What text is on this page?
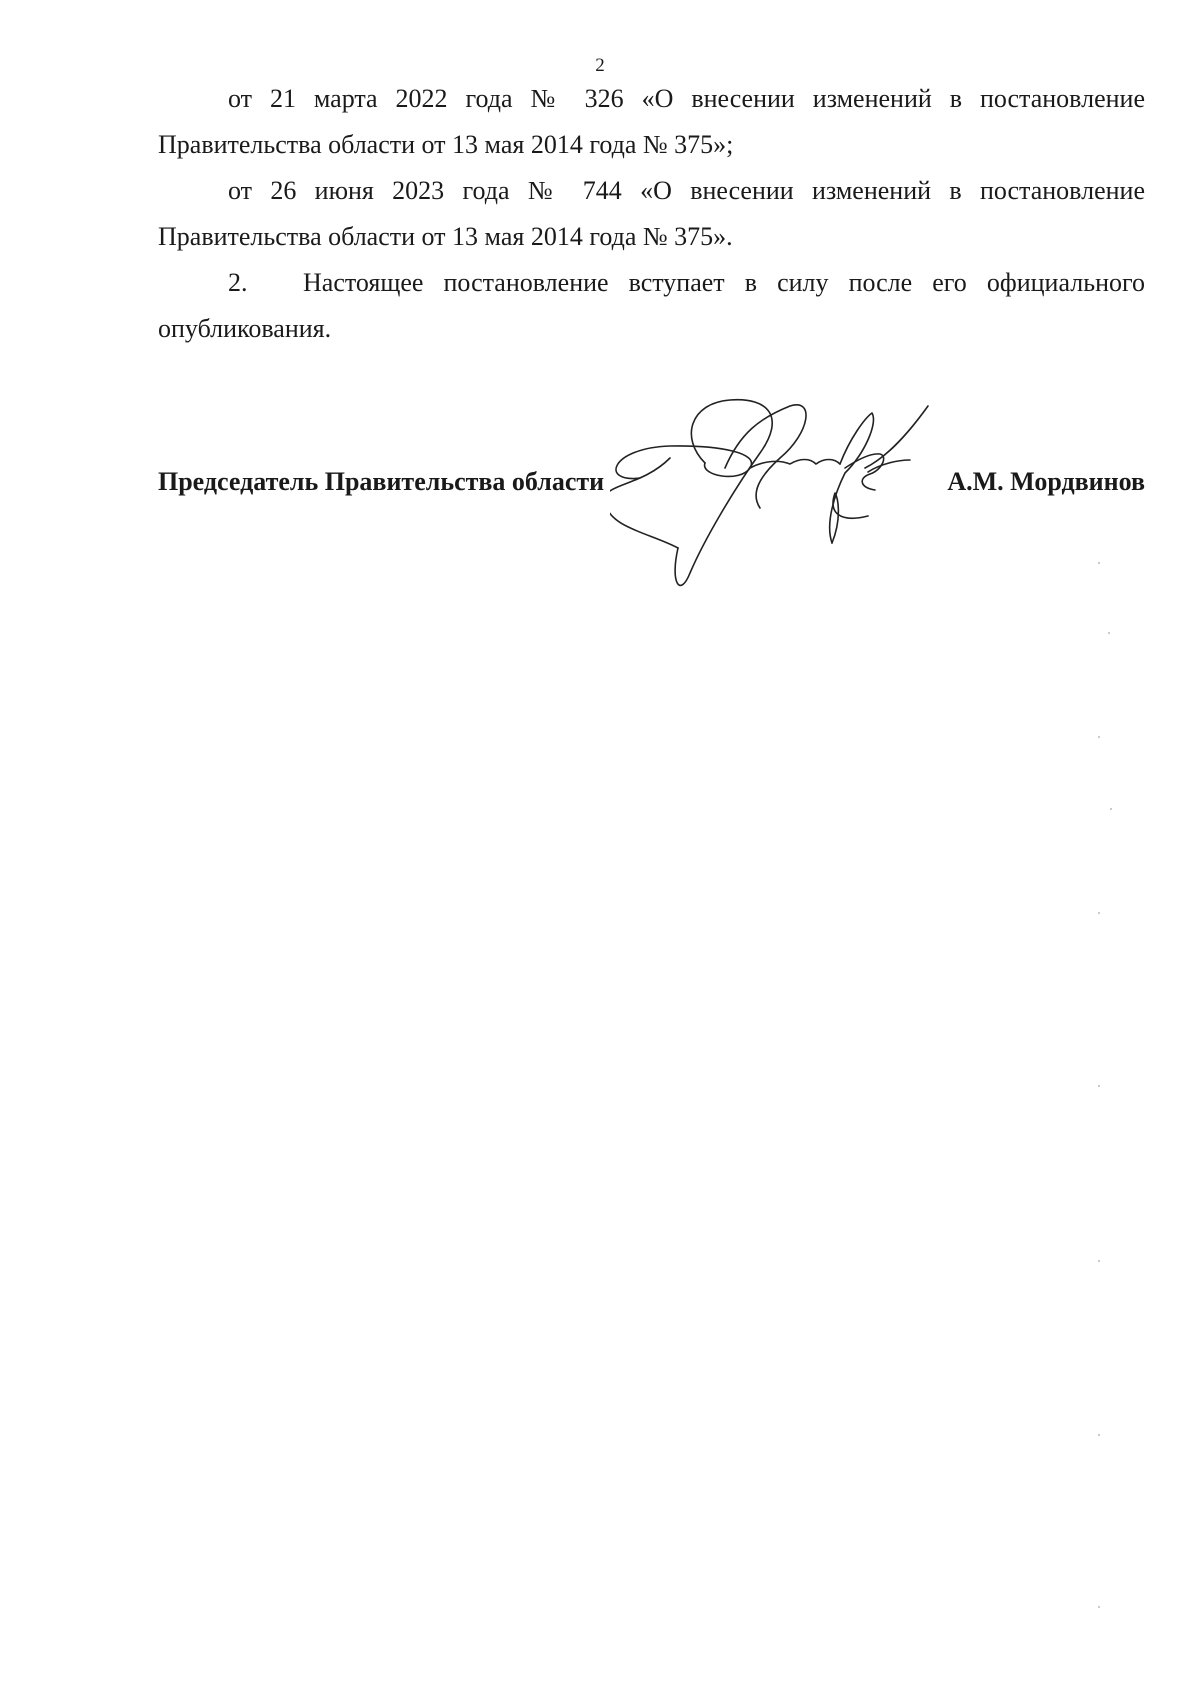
2

от 21 марта 2022 года № 326 «О внесении изменений в постановление Правительства области от 13 мая 2014 года № 375»;

от 26 июня 2023 года № 744 «О внесении изменений в постановление Правительства области от 13 мая 2014 года № 375».

2. Настоящее постановление вступает в силу после его официального опубликования.

Председатель Правительства области	А.М. Мордвинов
